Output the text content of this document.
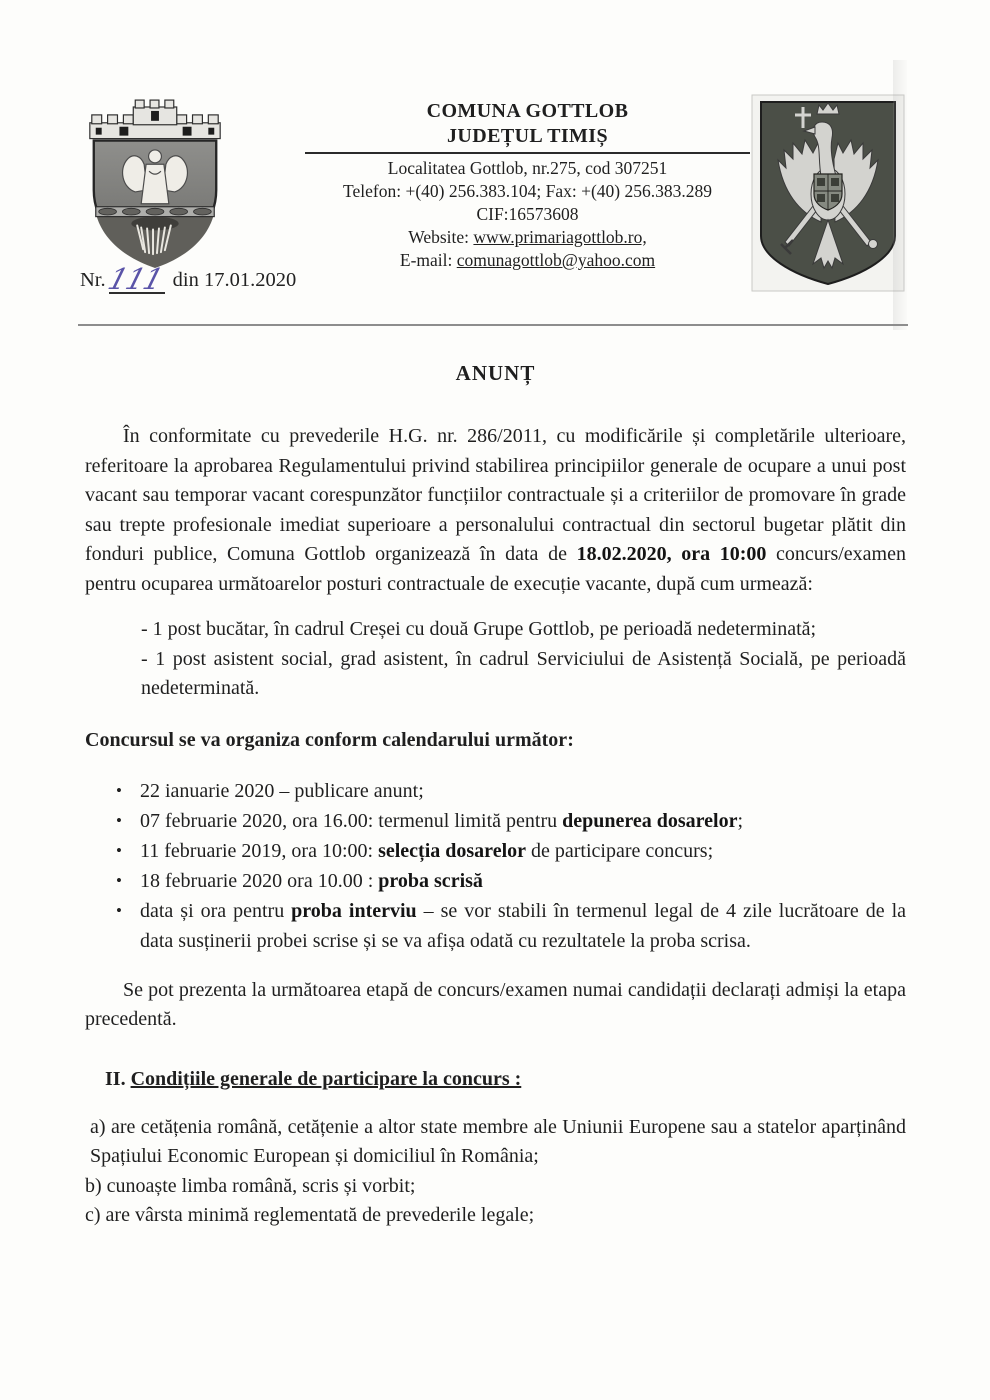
COMUNA GOTTLOB
JUDEȚUL TIMIȘ
Localitatea Gottlob, nr.275, cod 307251
Telefon: +(40) 256.383.104; Fax: +(40) 256.383.289
CIF:16573608
Website: www.primariagottlob.ro,
E-mail: comunagottlob@yahoo.com
Nr.111 din 17.01.2020
ANUNȚ

În conformitate cu prevederile H.G. nr. 286/2011, cu modificările și completările ulterioare, referitoare la aprobarea Regulamentului privind stabilirea principiilor generale de ocupare a unui post vacant sau temporar vacant corespunzător funcțiilor contractuale și a criteriilor de promovare în grade sau trepte profesionale imediat superioare a personalului contractual din sectorul bugetar plătit din fonduri publice, Comuna Gottlob organizează în data de 18.02.2020, ora 10:00 concurs/examen pentru ocuparea următoarelor posturi contractuale de execuție vacante, după cum urmează:

- 1 post bucătar, în cadrul Creșei cu două Grupe Gottlob, pe perioadă nedeterminată;

- 1 post asistent social, grad asistent, în cadrul Serviciului de Asistență Socială, pe perioadă nedeterminată.

Concursul se va organiza conform calendarului următor:
• 22 ianuarie 2020 – publicare anunt;
• 07 februarie 2020, ora 16.00: termenul limită pentru depunerea dosarelor;
• 11 februarie 2019, ora 10:00: selecția dosarelor de participare concurs;
• 18 februarie 2020 ora 10.00 : proba scrisă
• data și ora pentru proba interviu – se vor stabili în termenul legal de 4 zile lucrătoare de la data susținerii probei scrise și se va afișa odată cu rezultatele la proba scrisa.

Se pot prezenta la următoarea etapă de concurs/examen numai candidații declarați admiși la etapa precedentă.

II. Condițiile generale de participare la concurs :

a) are cetățenia română, cetățenie a altor state membre ale Uniunii Europene sau a statelor aparținând Spațiului Economic European și domiciliul în România;

b) cunoaște limba română, scris și vorbit;

c) are vârsta minimă reglementată de prevederile legale;
